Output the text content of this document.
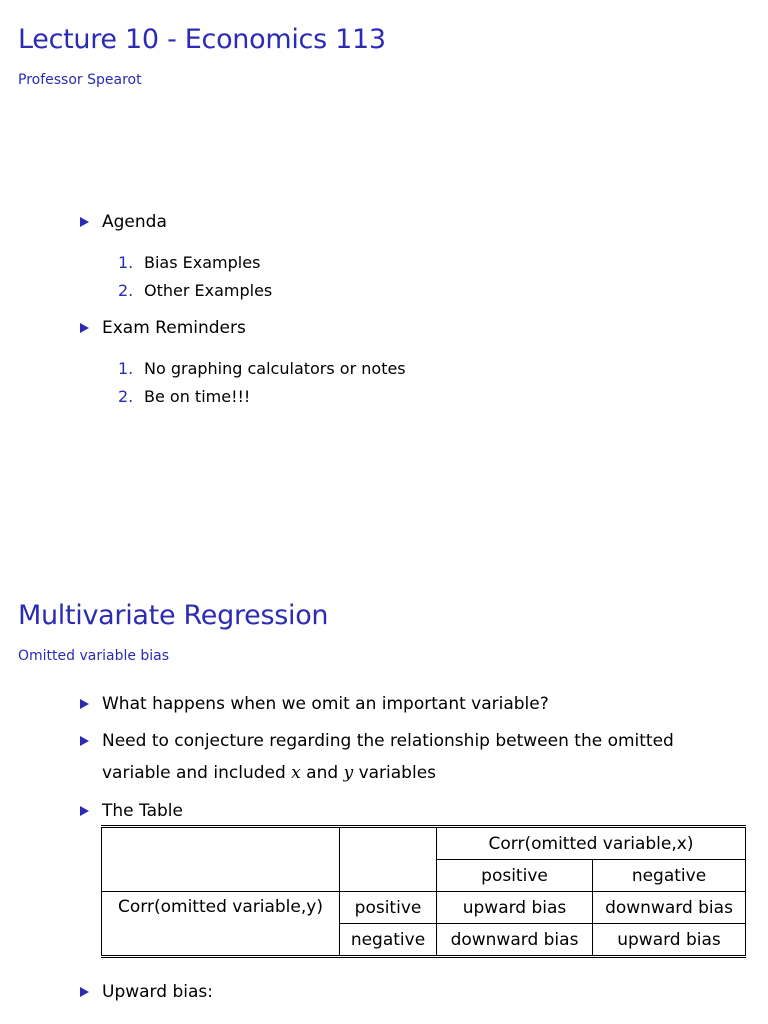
Lecture 10 - Economics 113
Professor Spearot
Agenda
1. Bias Examples
2. Other Examples
Exam Reminders
1. No graphing calculators or notes
2. Be on time!!!
Multivariate Regression
Omitted variable bias
What happens when we omit an important variable?
Need to conjecture regarding the relationship between the omitted
variable and included x and y variables
The Table
		Corr(omitted variable,x)	
		positive	negative
Corr(omitted variable,y)	positive	upward bias	downward bias
	negative	downward bias	upward bias
Upward bias:
